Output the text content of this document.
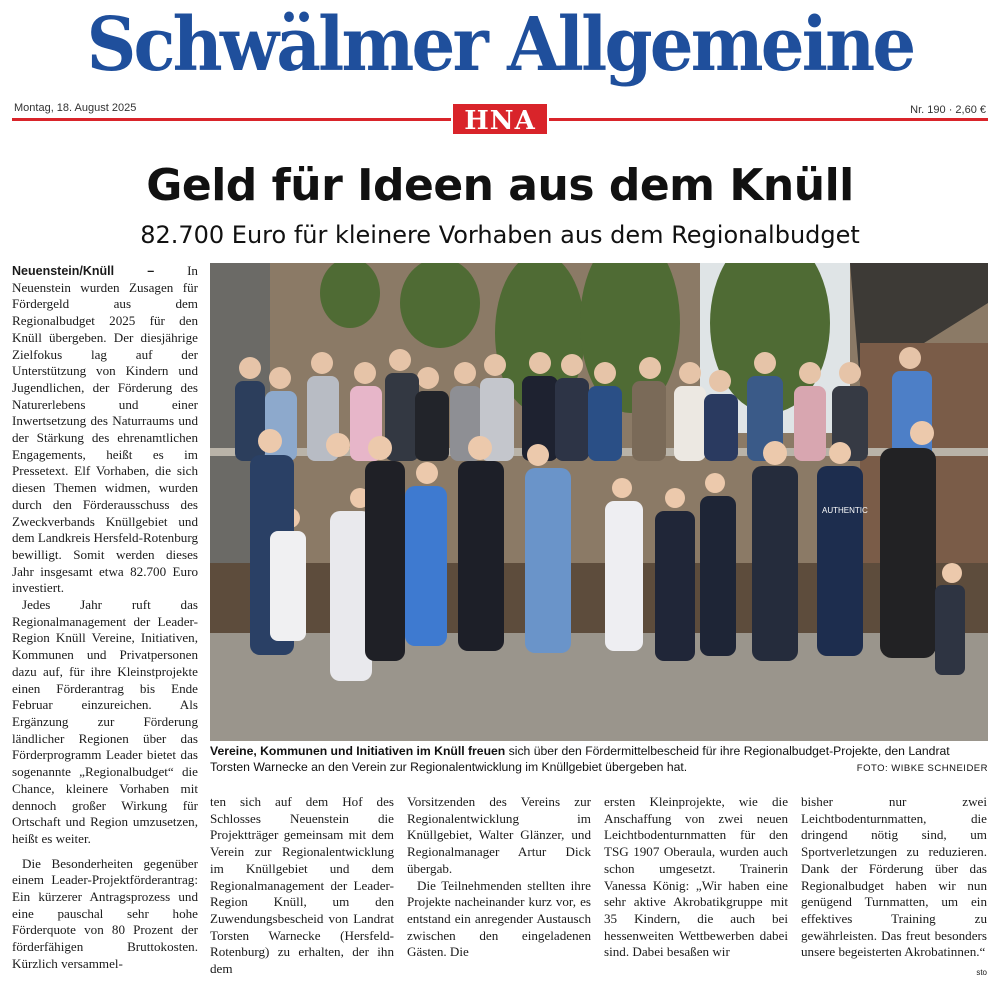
Schwälmer Allgemeine
Montag, 18. August 2025	HNA	Nr. 190 · 2,60 €
Geld für Ideen aus dem Knüll
82.700 Euro für kleinere Vorhaben aus dem Regionalbudget

Neuenstein/Knüll –	In Neuenstein wurden Zusagen für Fördergeld aus dem Regionalbudget 2025 für den Knüll übergeben. Der diesjährige Zielfokus lag auf der Unterstützung von Kindern und Jugendlichen, der Förderung des Naturerlebens und einer Inwertsetzung des Naturraums und der Stärkung des ehrenamtlichen Engagements, heißt es im Pressetext. Elf Vorhaben, die sich diesen Themen widmen, wurden durch den Förderausschuss des Zweckverbands Knüllgebiet und dem Landkreis Hersfeld-Rotenburg bewilligt. Somit werden dieses Jahr insgesamt etwa 82.700 Euro investiert.

Jedes Jahr ruft das Regionalmanagement der Leader-Region Knüll Vereine, Initiativen, Kommunen und Privatpersonen dazu auf, für ihre Kleinstprojekte einen Förderantrag bis Ende Februar einzureichen. Als Ergänzung zur Förderung ländlicher Regionen über das Förderprogramm Leader bietet das sogenannte „Regionalbudget“ die Chance, kleinere Vorhaben mit dennoch großer Wirkung für Ortschaft und Region umzusetzen, heißt es weiter.

Die Besonderheiten gegenüber einem Leader-Projektförderantrag: Ein kürzerer Antragsprozess und eine pauschal sehr hohe Förderquote von 80 Prozent der förderfähigen Bruttokosten. Kürzlich versammel-

AUTHENTIC
Vereine, Kommunen und Initiativen im Knüll freuen sich über den Fördermittelbescheid für ihre Regionalbudget-Projekte, den Landrat Torsten Warnecke an den Verein zur Regionalentwicklung im Knüllgebiet übergeben hat.	FOTO: WIBKE SCHNEIDER

ten sich auf dem Hof des Schlosses Neuenstein die Projektträger gemeinsam mit dem Verein zur Regionalentwicklung im Knüllgebiet und dem Regionalmanagement der Leader-Region Knüll, um den Zuwendungsbescheid von Landrat Torsten Warnecke (Hersfeld-Rotenburg) zu erhalten, der ihn dem

Vorsitzenden des Vereins zur Regionalentwicklung im Knüllgebiet, Walter Glänzer, und Regionalmanager Artur Dick übergab.

Die Teilnehmenden stellten ihre Projekte nacheinander kurz vor, es entstand ein anregender Austausch zwischen den eingeladenen Gästen. Die

ersten Kleinprojekte, wie die Anschaffung von zwei neuen Leichtbodenturnmatten für den TSG 1907 Oberaula, wurden auch schon umgesetzt. Trainerin Vanessa König: „Wir haben eine sehr aktive Akrobatikgruppe mit 35 Kindern, die auch bei hessenweiten Wettbewerben dabei sind. Dabei besaßen wir

bisher nur zwei Leichtbodenturnmatten, die dringend nötig sind, um Sportverletzungen zu reduzieren. Dank der Förderung über das Regionalbudget haben wir nun genügend Turnmatten, um ein effektives Training zu gewährleisten. Das freut besonders unsere begeisterten Akrobatinnen.“
sto
